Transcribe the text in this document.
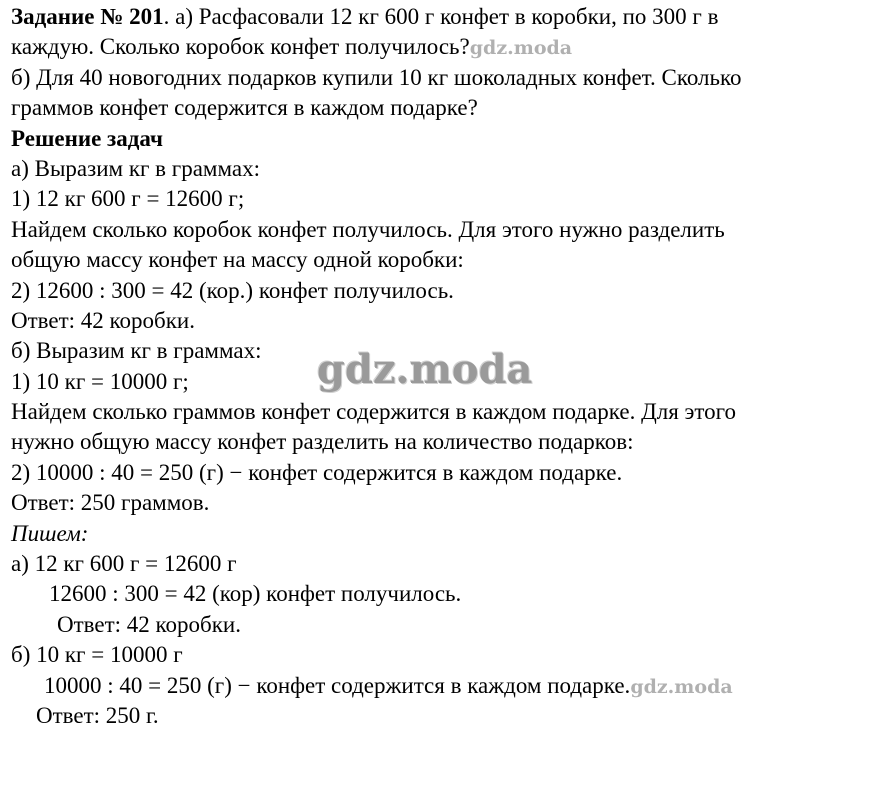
Задание № 201. а) Расфасовали 12 кг 600 г конфет в коробки, по 300 г в
каждую. Сколько коробок конфет получилось?gdz.moda
б) Для 40 новогодних подарков купили 10 кг шоколадных конфет. Сколько
граммов конфет содержится в каждом подарке?
Решение задач
а) Выразим кг в граммах:
1) 12 кг 600 г = 12600 г;
Найдем сколько коробок конфет получилось. Для этого нужно разделить
общую массу конфет на массу одной коробки:
2) 12600 : 300 = 42 (кор.) конфет получилось.
Ответ: 42 коробки.
б) Выразим кг в граммах:
1) 10 кг = 10000 г;
Найдем сколько граммов конфет содержится в каждом подарке. Для этого
нужно общую массу конфет разделить на количество подарков:
2) 10000 : 40 = 250 (г) − конфет содержится в каждом подарке.
Ответ: 250 граммов.
Пишем:
а) 12 кг 600 г = 12600 г
12600 : 300 = 42 (кор) конфет получилось.
Ответ: 42 коробки.
б) 10 кг = 10000 г
10000 : 40 = 250 (г) − конфет содержится в каждом подарке.gdz.moda
Ответ: 250 г.
gdz.moda
